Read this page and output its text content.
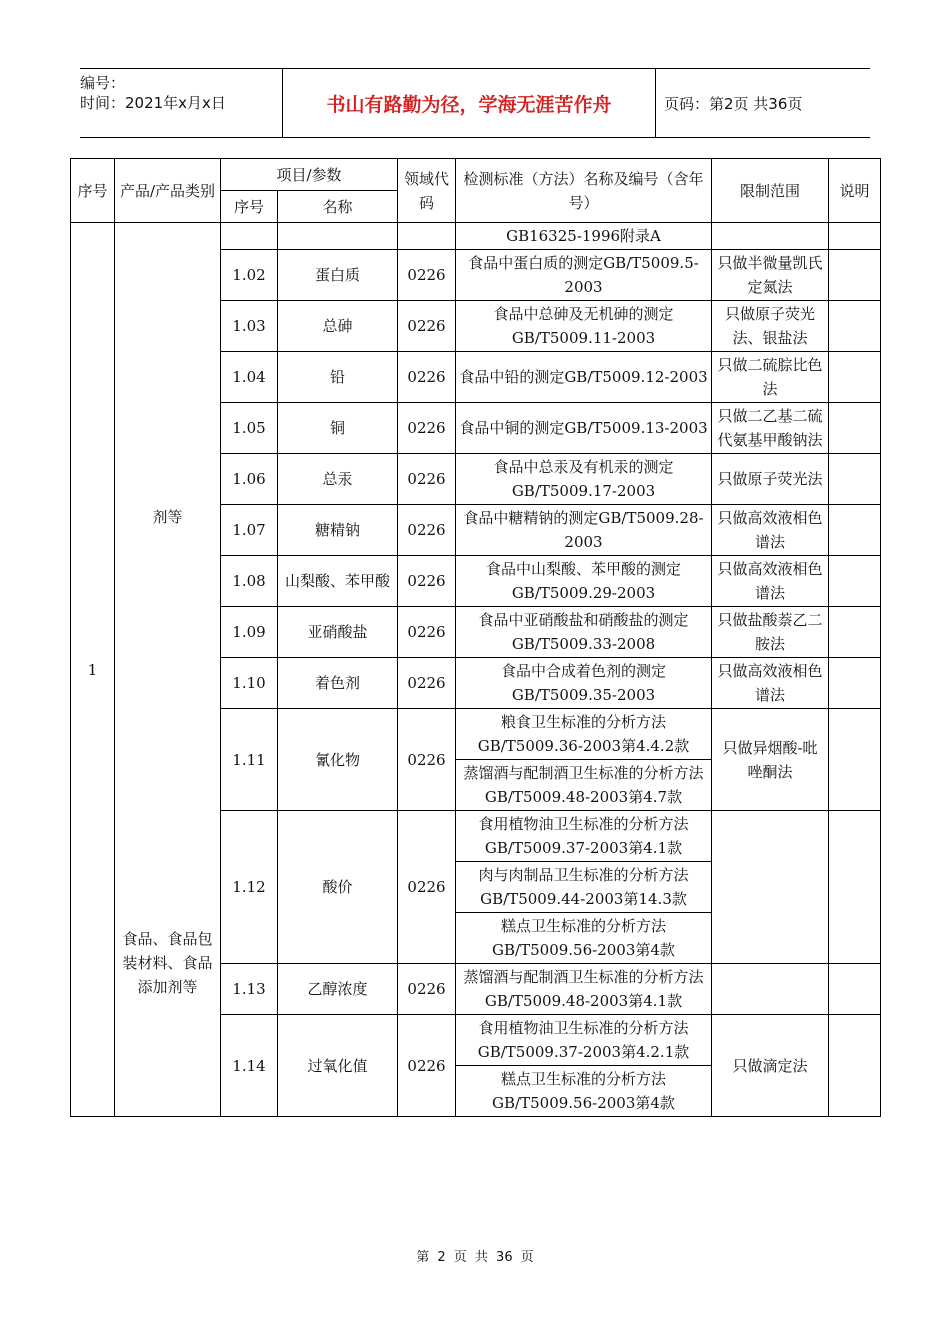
编号：
时间：2021年x月x日	书山有路勤为径，学海无涯苦作舟	页码：第2页 共36页
序号	产品/产品类别	项目/参数		领域代码	检测标准（方法）名称及编号（含年号）	限制范围	说明
		序号	名称				
1	剂等				GB16325-1996附录A		
		1.02	蛋白质	0226	食品中蛋白质的测定GB/T5009.5-2003	只做半微量凯氏定氮法	
		1.03	总砷	0226	食品中总砷及无机砷的测定GB/T5009.11-2003	只做原子荧光法、银盐法	
		1.04	铅	0226	食品中铅的测定GB/T5009.12-2003	只做二硫腙比色法	
		1.05	铜	0226	食品中铜的测定GB/T5009.13-2003	只做二乙基二硫代氨基甲酸钠法	
		1.06	总汞	0226	食品中总汞及有机汞的测定GB/T5009.17-2003	只做原子荧光法	
		1.07	糖精钠	0226	食品中糖精钠的测定GB/T5009.28-2003	只做高效液相色谱法	
		1.08	山梨酸、苯甲酸	0226	食品中山梨酸、苯甲酸的测定GB/T5009.29-2003	只做高效液相色谱法	
		1.09	亚硝酸盐	0226	食品中亚硝酸盐和硝酸盐的测定GB/T5009.33-2008	只做盐酸萘乙二胺法	
		1.10	着色剂	0226	食品中合成着色剂的测定GB/T5009.35-2003	只做高效液相色谱法	
		1.11	氰化物	0226	粮食卫生标准的分析方法GB/T5009.36-2003第4.4.2款	只做异烟酸-吡唑酮法	
					蒸馏酒与配制酒卫生标准的分析方法GB/T5009.48-2003第4.7款		
	食品、食品包装材料、食品添加剂等	1.12	酸价	0226	食用植物油卫生标准的分析方法GB/T5009.37-2003第4.1款		
					肉与肉制品卫生标准的分析方法GB/T5009.44-2003第14.3款		
					糕点卫生标准的分析方法GB/T5009.56-2003第4款		
		1.13	乙醇浓度	0226	蒸馏酒与配制酒卫生标准的分析方法GB/T5009.48-2003第4.1款		
		1.14	过氧化值	0226	食用植物油卫生标准的分析方法GB/T5009.37-2003第4.2.1款	只做滴定法	
					糕点卫生标准的分析方法GB/T5009.56-2003第4款		
第 2 页 共 36 页
